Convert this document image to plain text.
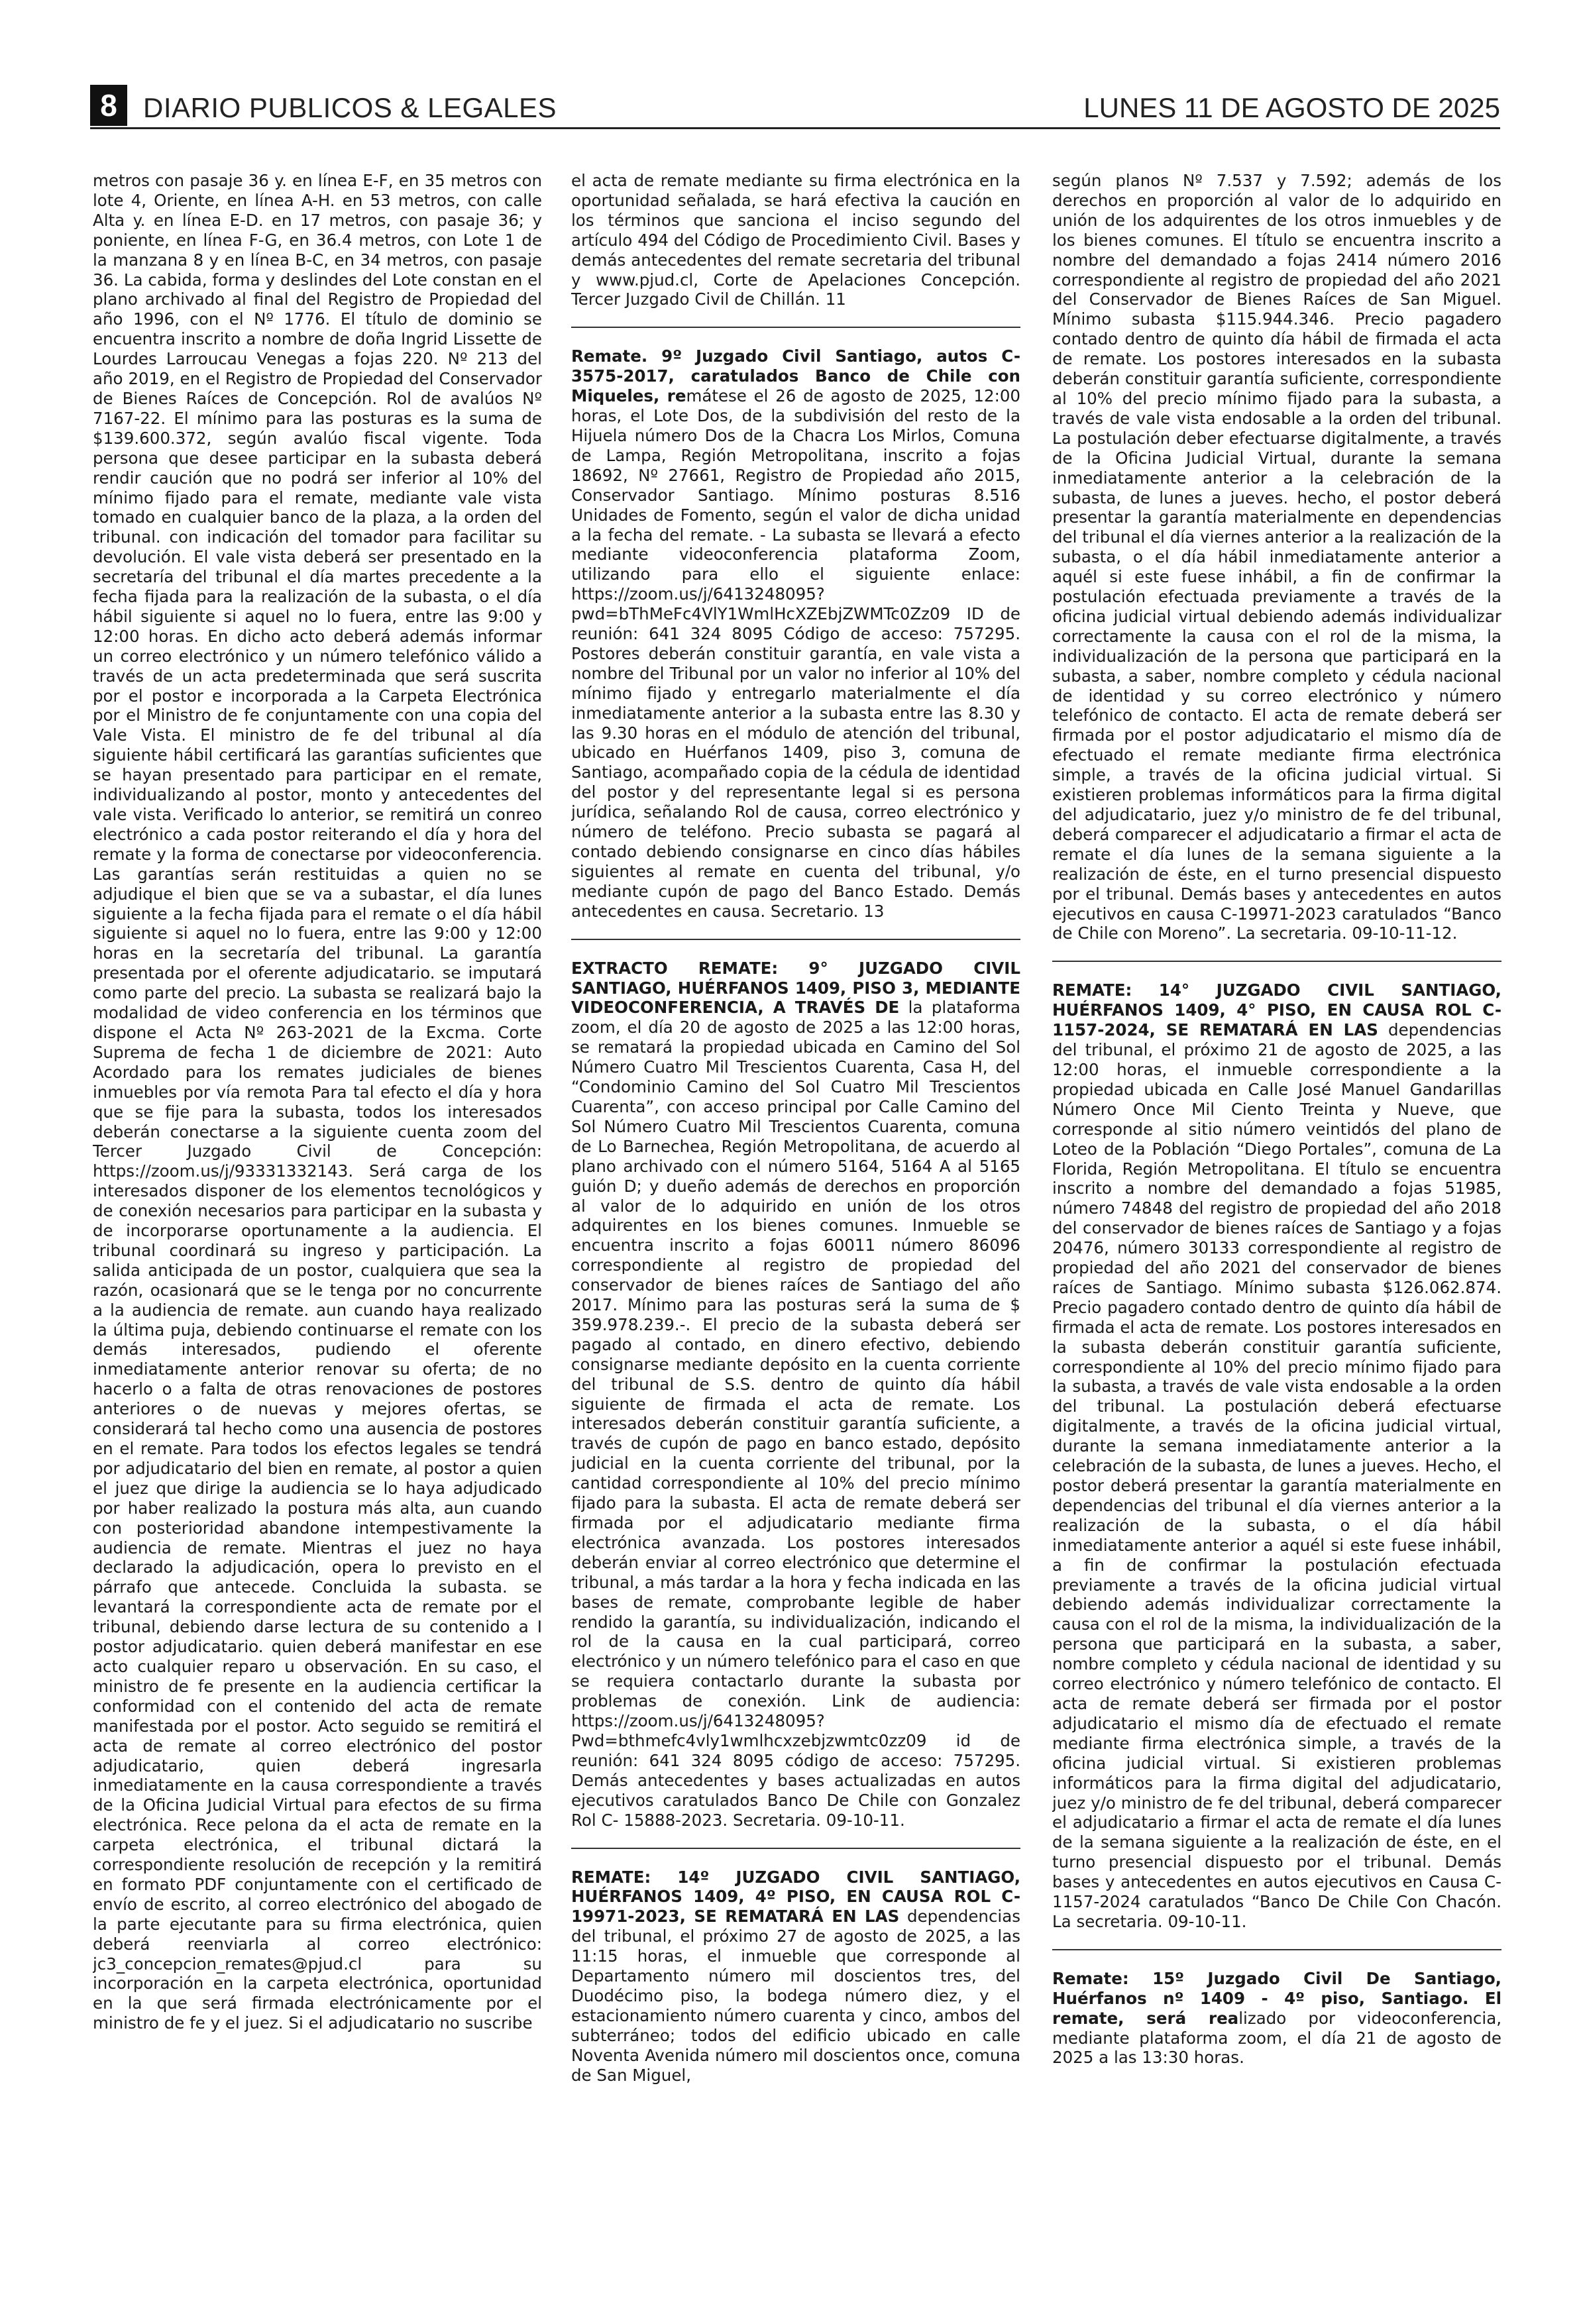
8 DIARIO PUBLICOS & LEGALES	LUNES 11 DE AGOSTO DE 2025

metros con pasaje 36 y. en línea E-F, en 35 metros con lote 4, Oriente, en línea A-H. en 53 metros, con calle Alta y. en línea E-D. en 17 metros, con pasaje 36; y poniente, en línea F-G, en 36.4 metros, con Lote 1 de la manzana 8 y en línea B-C, en 34 metros, con pasaje 36. La cabida, forma y deslindes del Lote constan en el plano archivado al final del Registro de Propiedad del año 1996, con el Nº 1776. El título de dominio se encuentra inscrito a nombre de doña Ingrid Lissette de Lourdes Larroucau Venegas a fojas 220. Nº 213 del año 2019, en el Registro de Propiedad del Conservador de Bienes Raíces de Concepción. Rol de avalúos Nº 7167-22. El mínimo para las posturas es la suma de $139.600.372, según avalúo fiscal vigente. Toda persona que desee participar en la subasta deberá rendir caución que no podrá ser inferior al 10% del mínimo fijado para el remate, mediante vale vista tomado en cualquier banco de la plaza, a la orden del tribunal. con indicación del tomador para facilitar su devolución. El vale vista deberá ser presentado en la secretaría del tribunal el día martes precedente a la fecha fijada para la realización de la subasta, o el día hábil siguiente si aquel no lo fuera, entre las 9:00 y 12:00 horas. En dicho acto deberá además informar un correo electrónico y un número telefónico válido a través de un acta predeterminada que será suscrita por el postor e incorporada a la Carpeta Electrónica por el Ministro de fe conjuntamente con una copia del Vale Vista. El ministro de fe del tribunal al día siguiente hábil certificará las garantías suficientes que se hayan presentado para participar en el remate, individualizando al postor, monto y antecedentes del vale vista. Verificado lo anterior, se remitirá un conreo electrónico a cada postor reiterando el día y hora del remate y la forma de conectarse por videoconferencia. Las garantías serán restituidas a quien no se adjudique el bien que se va a subastar, el día lunes siguiente a la fecha fijada para el remate o el día hábil siguiente si aquel no lo fuera, entre las 9:00 y 12:00 horas en la secretaría del tribunal. La garantía presentada por el oferente adjudicatario. se imputará como parte del precio. La subasta se realizará bajo la modalidad de video conferencia en los términos que dispone el Acta Nº 263-2021 de la Excma. Corte Suprema de fecha 1 de diciembre de 2021: Auto Acordado para los remates judiciales de bienes inmuebles por vía remota Para tal efecto el día y hora que se fije para la subasta, todos los interesados deberán conectarse a la siguiente cuenta zoom del Tercer Juzgado Civil de Concepción: https://zoom.us/j/93331332143. Será carga de los interesados disponer de los elementos tecnológicos y de conexión necesarios para participar en la subasta y de incorporarse oportunamente a la audiencia. El tribunal coordinará su ingreso y participación. La salida anticipada de un postor, cualquiera que sea la razón, ocasionará que se le tenga por no concurrente a la audiencia de remate. aun cuando haya realizado la última puja, debiendo continuarse el remate con los demás interesados, pudiendo el oferente inmediatamente anterior renovar su oferta; de no hacerlo o a falta de otras renovaciones de postores anteriores o de nuevas y mejores ofertas, se considerará tal hecho como una ausencia de postores en el remate. Para todos los efectos legales se tendrá por adjudicatario del bien en remate, al postor a quien el juez que dirige la audiencia se lo haya adjudicado por haber realizado la postura más alta, aun cuando con posterioridad abandone intempestivamente la audiencia de remate. Mientras el juez no haya declarado la adjudicación, opera lo previsto en el párrafo que antecede. Concluida la subasta. se levantará la correspondiente acta de remate por el tribunal, debiendo darse lectura de su contenido a I postor adjudicatario. quien deberá manifestar en ese acto cualquier reparo u observación. En su caso, el ministro de fe presente en la audiencia certificar la conformidad con el contenido del acta de remate manifestada por el postor. Acto seguido se remitirá el acta de remate al correo electrónico del postor adjudicatario, quien deberá ingresarla inmediatamente en la causa correspondiente a través de la Oficina Judicial Virtual para efectos de su firma electrónica. Rece pelona da el acta de remate en la carpeta electrónica, el tribunal dictará la correspondiente resolución de recepción y la remitirá en formato PDF conjuntamente con el certificado de envío de escrito, al correo electrónico del abogado de la parte ejecutante para su firma electrónica, quien deberá reenviarla al correo electrónico: jc3_concepcion_remates@pjud.cl para su incorporación en la carpeta electrónica, oportunidad en la que será firmada electrónicamente por el ministro de fe y el juez. Si el adjudicatario no suscribe

el acta de remate mediante su firma electrónica en la oportunidad señalada, se hará efectiva la caución en los términos que sanciona el inciso segundo del artículo 494 del Código de Procedimiento Civil. Bases y demás antecedentes del remate secretaria del tribunal y www.pjud.cl, Corte de Apelaciones Concepción. Tercer Juzgado Civil de Chillán. 11

Remate. 9º Juzgado Civil Santiago, autos C-3575-2017, caratulados Banco de Chile con Miqueles, remátese el 26 de agosto de 2025, 12:00 horas, el Lote Dos, de la subdivisión del resto de la Hijuela número Dos de la Chacra Los Mirlos, Comuna de Lampa, Región Metropolitana, inscrito a fojas 18692, Nº 27661, Registro de Propiedad año 2015, Conservador Santiago. Mínimo posturas 8.516 Unidades de Fomento, según el valor de dicha unidad a la fecha del remate. - La subasta se llevará a efecto mediante videoconferencia plataforma Zoom, utilizando para ello el siguiente enlace: https://zoom.us/j/6413248095?pwd=bThMeFc4VlY1WmlHcXZEbjZWMTc0Zz09 ID de reunión: 641 324 8095 Código de acceso: 757295. Postores deberán constituir garantía, en vale vista a nombre del Tribunal por un valor no inferior al 10% del mínimo fijado y entregarlo materialmente el día inmediatamente anterior a la subasta entre las 8.30 y las 9.30 horas en el módulo de atención del tribunal, ubicado en Huérfanos 1409, piso 3, comuna de Santiago, acompañado copia de la cédula de identidad del postor y del representante legal si es persona jurídica, señalando Rol de causa, correo electrónico y número de teléfono. Precio subasta se pagará al contado debiendo consignarse en cinco días hábiles siguientes al remate en cuenta del tribunal, y/o mediante cupón de pago del Banco Estado. Demás antecedentes en causa. Secretario. 13

EXTRACTO REMATE: 9° JUZGADO CIVIL SANTIAGO, HUÉRFANOS 1409, PISO 3, MEDIANTE VIDEOCONFERENCIA, A TRAVÉS DE la plataforma zoom, el día 20 de agosto de 2025 a las 12:00 horas, se rematará la propiedad ubicada en Camino del Sol Número Cuatro Mil Trescientos Cuarenta, Casa H, del “Condominio Camino del Sol Cuatro Mil Trescientos Cuarenta”, con acceso principal por Calle Camino del Sol Número Cuatro Mil Trescientos Cuarenta, comuna de Lo Barnechea, Región Metropolitana, de acuerdo al plano archivado con el número 5164, 5164 A al 5165 guión D; y dueño además de derechos en proporción al valor de lo adquirido en unión de los otros adquirentes en los bienes comunes. Inmueble se encuentra inscrito a fojas 60011 número 86096 correspondiente al registro de propiedad del conservador de bienes raíces de Santiago del año 2017. Mínimo para las posturas será la suma de $ 359.978.239.-. El precio de la subasta deberá ser pagado al contado, en dinero efectivo, debiendo consignarse mediante depósito en la cuenta corriente del tribunal de S.S. dentro de quinto día hábil siguiente de firmada el acta de remate. Los interesados deberán constituir garantía suficiente, a través de cupón de pago en banco estado, depósito judicial en la cuenta corriente del tribunal, por la cantidad correspondiente al 10% del precio mínimo fijado para la subasta. El acta de remate deberá ser firmada por el adjudicatario mediante firma electrónica avanzada. Los postores interesados deberán enviar al correo electrónico que determine el tribunal, a más tardar a la hora y fecha indicada en las bases de remate, comprobante legible de haber rendido la garantía, su individualización, indicando el rol de la causa en la cual participará, correo electrónico y un número telefónico para el caso en que se requiera contactarlo durante la subasta por problemas de conexión. Link de audiencia: https://zoom.us/j/6413248095?Pwd=bthmefc4vly1wmlhcxzebjzwmtc0zz09 id de reunión: 641 324 8095 código de acceso: 757295. Demás antecedentes y bases actualizadas en autos ejecutivos caratulados Banco De Chile con Gonzalez Rol C- 15888-2023. Secretaria. 09-10-11.

REMATE: 14º JUZGADO CIVIL SANTIAGO, HUÉRFANOS 1409, 4º PISO, EN CAUSA ROL C-19971-2023, SE REMATARÁ EN LAS dependencias del tribunal, el próximo 27 de agosto de 2025, a las 11:15 horas, el inmueble que corresponde al Departamento número mil doscientos tres, del Duodécimo piso, la bodega número diez, y el estacionamiento número cuarenta y cinco, ambos del subterráneo; todos del edificio ubicado en calle Noventa Avenida número mil doscientos once, comuna de San Miguel,

según planos Nº 7.537 y 7.592; además de los derechos en proporción al valor de lo adquirido en unión de los adquirentes de los otros inmuebles y de los bienes comunes. El título se encuentra inscrito a nombre del demandado a fojas 2414 número 2016 correspondiente al registro de propiedad del año 2021 del Conservador de Bienes Raíces de San Miguel. Mínimo subasta $115.944.346. Precio pagadero contado dentro de quinto día hábil de firmada el acta de remate. Los postores interesados en la subasta deberán constituir garantía suficiente, correspondiente al 10% del precio mínimo fijado para la subasta, a través de vale vista endosable a la orden del tribunal. La postulación deber efectuarse digitalmente, a través de la Oficina Judicial Virtual, durante la semana inmediatamente anterior a la celebración de la subasta, de lunes a jueves. hecho, el postor deberá presentar la garantía materialmente en dependencias del tribunal el día viernes anterior a la realización de la subasta, o el día hábil inmediatamente anterior a aquél si este fuese inhábil, a fin de confirmar la postulación efectuada previamente a través de la oficina judicial virtual debiendo además individualizar correctamente la causa con el rol de la misma, la individualización de la persona que participará en la subasta, a saber, nombre completo y cédula nacional de identidad y su correo electrónico y número telefónico de contacto. El acta de remate deberá ser firmada por el postor adjudicatario el mismo día de efectuado el remate mediante firma electrónica simple, a través de la oficina judicial virtual. Si existieren problemas informáticos para la firma digital del adjudicatario, juez y/o ministro de fe del tribunal, deberá comparecer el adjudicatario a firmar el acta de remate el día lunes de la semana siguiente a la realización de éste, en el turno presencial dispuesto por el tribunal. Demás bases y antecedentes en autos ejecutivos en causa C-19971-2023 caratulados “Banco de Chile con Moreno”. La secretaria. 09-10-11-12.

REMATE: 14° JUZGADO CIVIL SANTIAGO, HUÉRFANOS 1409, 4° PISO, EN CAUSA ROL C-1157-2024, SE REMATARÁ EN LAS dependencias del tribunal, el próximo 21 de agosto de 2025, a las 12:00 horas, el inmueble correspondiente a la propiedad ubicada en Calle José Manuel Gandarillas Número Once Mil Ciento Treinta y Nueve, que corresponde al sitio número veintidós del plano de Loteo de la Población “Diego Portales”, comuna de La Florida, Región Metropolitana. El título se encuentra inscrito a nombre del demandado a fojas 51985, número 74848 del registro de propiedad del año 2018 del conservador de bienes raíces de Santiago y a fojas 20476, número 30133 correspondiente al registro de propiedad del año 2021 del conservador de bienes raíces de Santiago. Mínimo subasta $126.062.874. Precio pagadero contado dentro de quinto día hábil de firmada el acta de remate. Los postores interesados en la subasta deberán constituir garantía suficiente, correspondiente al 10% del precio mínimo fijado para la subasta, a través de vale vista endosable a la orden del tribunal. La postulación deberá efectuarse digitalmente, a través de la oficina judicial virtual, durante la semana inmediatamente anterior a la celebración de la subasta, de lunes a jueves. Hecho, el postor deberá presentar la garantía materialmente en dependencias del tribunal el día viernes anterior a la realización de la subasta, o el día hábil inmediatamente anterior a aquél si este fuese inhábil, a fin de confirmar la postulación efectuada previamente a través de la oficina judicial virtual debiendo además individualizar correctamente la causa con el rol de la misma, la individualización de la persona que participará en la subasta, a saber, nombre completo y cédula nacional de identidad y su correo electrónico y número telefónico de contacto. El acta de remate deberá ser firmada por el postor adjudicatario el mismo día de efectuado el remate mediante firma electrónica simple, a través de la oficina judicial virtual. Si existieren problemas informáticos para la firma digital del adjudicatario, juez y/o ministro de fe del tribunal, deberá comparecer el adjudicatario a firmar el acta de remate el día lunes de la semana siguiente a la realización de éste, en el turno presencial dispuesto por el tribunal. Demás bases y antecedentes en autos ejecutivos en Causa C-1157-2024 caratulados “Banco De Chile Con Chacón. La secretaria. 09-10-11.

Remate: 15º Juzgado Civil De Santiago, Huérfanos nº 1409 - 4º piso, Santiago. El remate, será realizado por videoconferencia, mediante plataforma zoom, el día 21 de agosto de 2025 a las 13:30 horas.
